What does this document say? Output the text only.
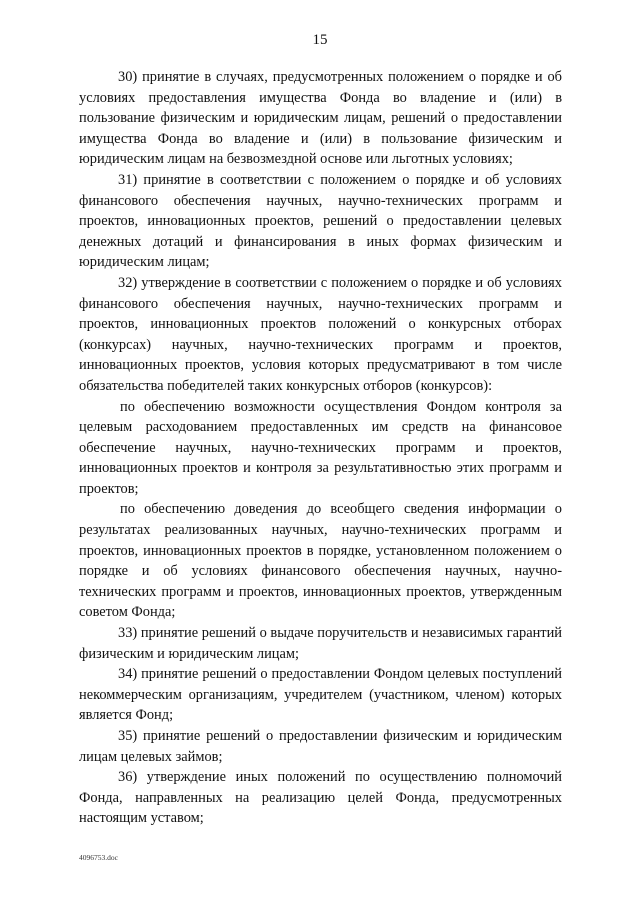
15

30) принятие в случаях, предусмотренных положением о порядке и об условиях предоставления имущества Фонда во владение и (или) в пользование физическим и юридическим лицам, решений о предоставлении имущества Фонда во владение и (или) в пользование физическим и юридическим лицам на безвозмездной основе или льготных условиях;

31) принятие в соответствии с положением о порядке и об условиях финансового обеспечения научных, научно-технических программ и проектов, инновационных проектов, решений о предоставлении целевых денежных дотаций и финансирования в иных формах физическим и юридическим лицам;

32) утверждение в соответствии с положением о порядке и об условиях финансового обеспечения научных, научно-технических программ и проектов, инновационных проектов положений о конкурсных отборах (конкурсах) научных, научно-технических программ и проектов, инновационных проектов, условия которых предусматривают в том числе обязательства победителей таких конкурсных отборов (конкурсов):

по обеспечению возможности осуществления Фондом контроля за целевым расходованием предоставленных им средств на финансовое обеспечение научных, научно-технических программ и проектов, инновационных проектов и контроля за результативностью этих программ и проектов;

по обеспечению доведения до всеобщего сведения информации о результатах реализованных научных, научно-технических программ и проектов, инновационных проектов в порядке, установленном положением о порядке и об условиях финансового обеспечения научных, научно-технических программ и проектов, инновационных проектов, утвержденным советом Фонда;

33) принятие решений о выдаче поручительств и независимых гарантий физическим и юридическим лицам;

34) принятие решений о предоставлении Фондом целевых поступлений некоммерческим организациям, учредителем (участником, членом) которых является Фонд;

35) принятие решений о предоставлении физическим и юридическим лицам целевых займов;

36) утверждение иных положений по осуществлению полномочий Фонда, направленных на реализацию целей Фонда, предусмотренных настоящим уставом;

4096753.doc
